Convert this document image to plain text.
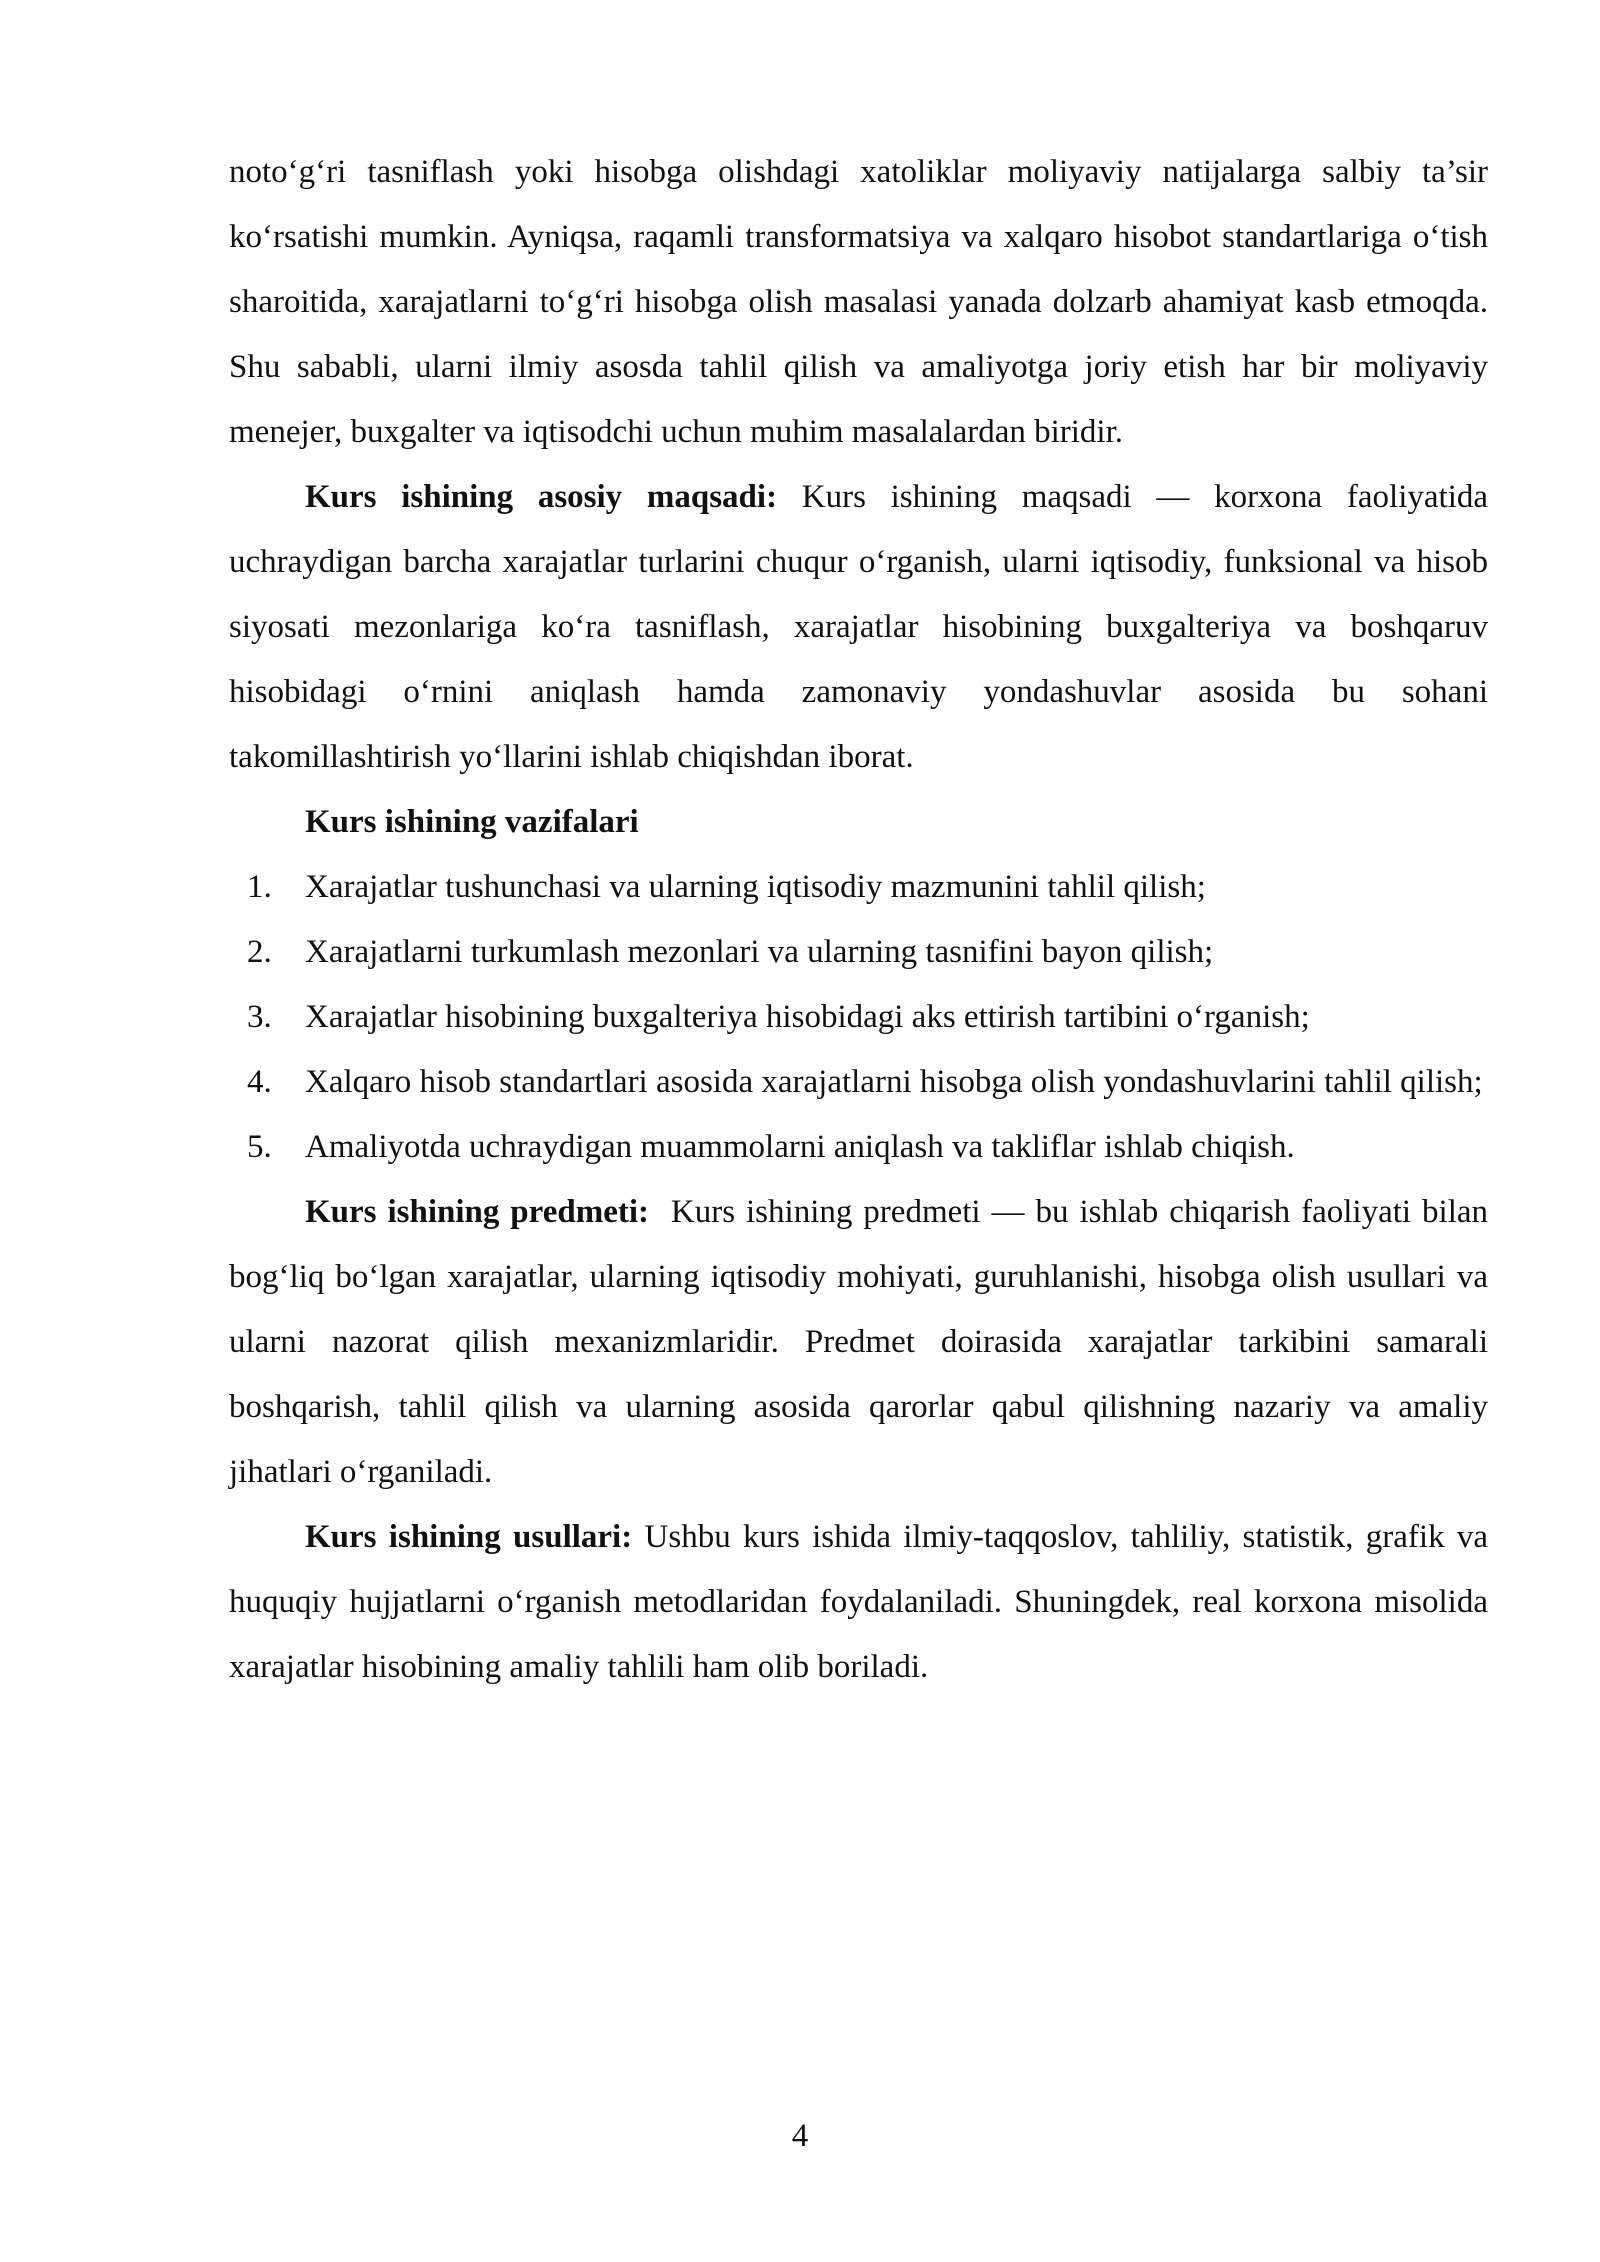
noto‘g‘ri tasniflash yoki hisobga olishdagi xatoliklar moliyaviy natijalarga salbiy ta’sir ko‘rsatishi mumkin. Ayniqsa, raqamli transformatsiya va xalqaro hisobot standartlariga o‘tish sharoitida, xarajatlarni to‘g‘ri hisobga olish masalasi yanada dolzarb ahamiyat kasb etmoqda. Shu sababli, ularni ilmiy asosda tahlil qilish va amaliyotga joriy etish har bir moliyaviy menejer, buxgalter va iqtisodchi uchun muhim masalalardan biridir.

Kurs ishining asosiy maqsadi: Kurs ishining maqsadi — korxona faoliyatida uchraydigan barcha xarajatlar turlarini chuqur o‘rganish, ularni iqtisodiy, funksional va hisob siyosati mezonlariga ko‘ra tasniflash, xarajatlar hisobining buxgalteriya va boshqaruv hisobidagi o‘rnini aniqlash hamda zamonaviy yondashuvlar asosida bu sohani takomillashtirish yo‘llarini ishlab chiqishdan iborat.

Kurs ishining vazifalari

1. Xarajatlar tushunchasi va ularning iqtisodiy mazmunini tahlil qilish;
2. Xarajatlarni turkumlash mezonlari va ularning tasnifini bayon qilish;
3. Xarajatlar hisobining buxgalteriya hisobidagi aks ettirish tartibini o‘rganish;
4. Xalqaro hisob standartlari asosida xarajatlarni hisobga olish yondashuvlarini tahlil qilish;
5. Amaliyotda uchraydigan muammolarni aniqlash va takliflar ishlab chiqish.

Kurs ishining predmeti: Kurs ishining predmeti — bu ishlab chiqarish faoliyati bilan bog‘liq bo‘lgan xarajatlar, ularning iqtisodiy mohiyati, guruhlanishi, hisobga olish usullari va ularni nazorat qilish mexanizmlaridir. Predmet doirasida xarajatlar tarkibini samarali boshqarish, tahlil qilish va ularning asosida qarorlar qabul qilishning nazariy va amaliy jihatlari o‘rganiladi.

Kurs ishining usullari: Ushbu kurs ishida ilmiy-taqqoslov, tahliliy, statistik, grafik va huquqiy hujjatlarni o‘rganish metodlaridan foydalaniladi. Shuningdek, real korxona misolida xarajatlar hisobining amaliy tahlili ham olib boriladi.

4
